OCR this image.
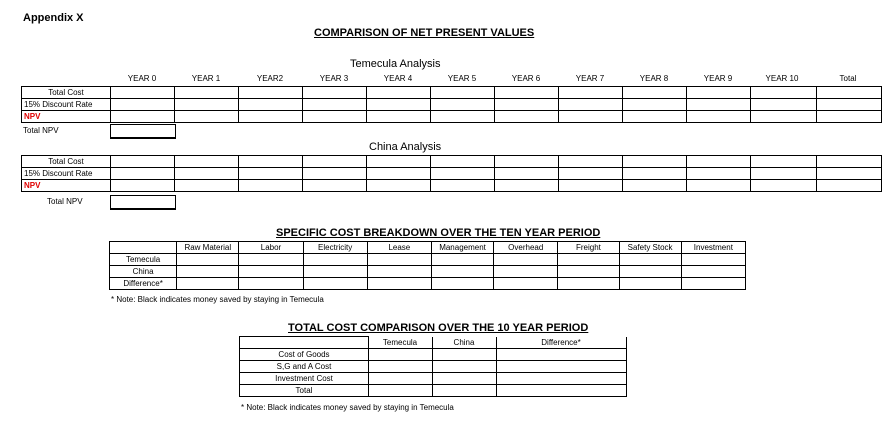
Appendix X
COMPARISON OF NET PRESENT VALUES
Temecula Analysis
YEAR 0	YEAR 1	YEAR2	YEAR 3	YEAR 4	YEAR 5	YEAR 6	YEAR 7	YEAR 8	YEAR 9	YEAR 10	Total
Total Cost												
15% Discount Rate												
NPV												
Total NPV
China Analysis
Total Cost												
15% Discount Rate												
NPV												
Total NPV
SPECIFIC COST BREAKDOWN OVER THE TEN YEAR PERIOD
	Raw Material	Labor	Electricity	Lease	Management	Overhead	Freight	Safety Stock	Investment
Temecula									
China									
Difference*									
* Note: Black indicates money saved by staying in Temecula
TOTAL COST COMPARISON OVER THE 10 YEAR PERIOD
Temecula	China	Difference*

Cost of Goods			
S,G and A Cost			
Investment Cost			
Total			
* Note: Black indicates money saved by staying in Temecula
